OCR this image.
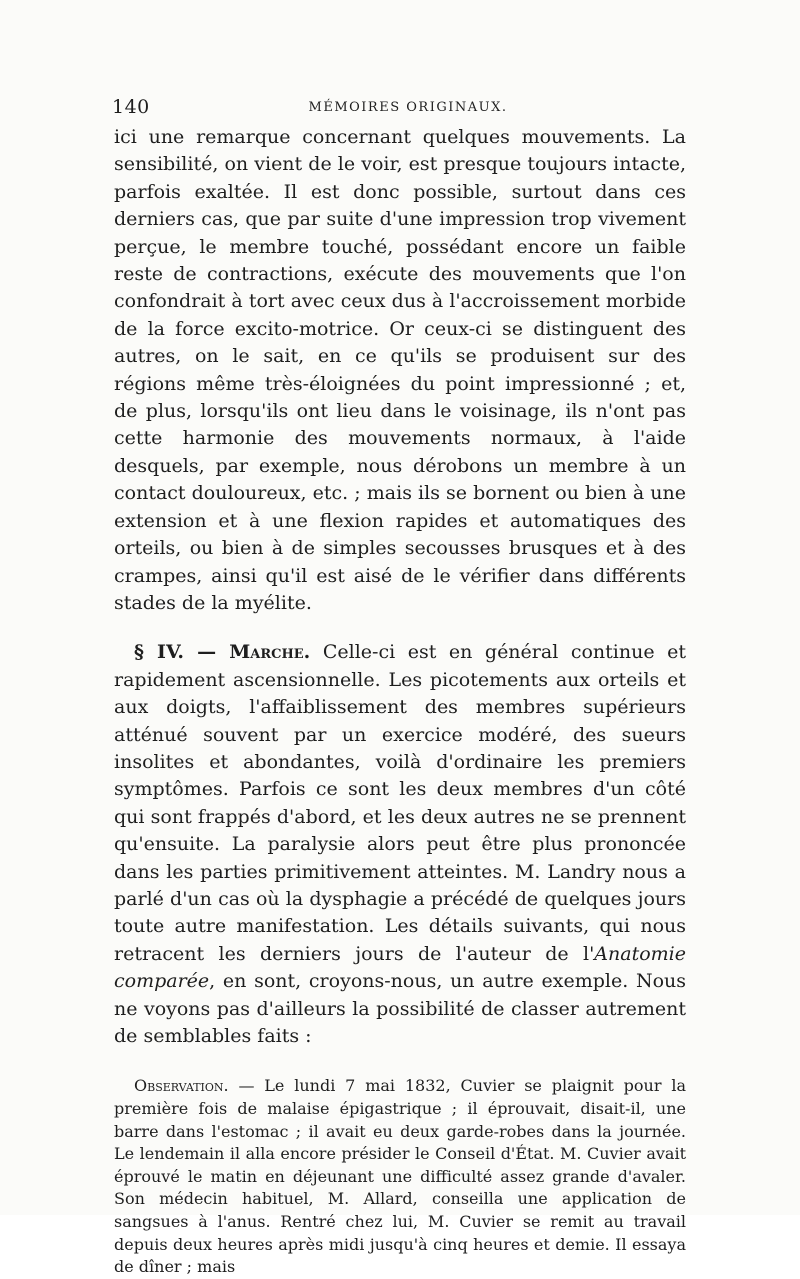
140	MÉMOIRES ORIGINAUX.

ici une remarque concernant quelques mouvements. La sensibilité, on vient de le voir, est presque toujours intacte, parfois exaltée. Il est donc possible, surtout dans ces derniers cas, que par suite d'une impression trop vivement perçue, le membre touché, possédant encore un faible reste de contractions, exécute des mouvements que l'on confondrait à tort avec ceux dus à l'accroissement morbide de la force excito-motrice. Or ceux-ci se distinguent des autres, on le sait, en ce qu'ils se produisent sur des régions même très-éloignées du point impressionné ; et, de plus, lorsqu'ils ont lieu dans le voisinage, ils n'ont pas cette harmonie des mouvements normaux, à l'aide desquels, par exemple, nous dérobons un membre à un contact douloureux, etc. ; mais ils se bornent ou bien à une extension et à une flexion rapides et automatiques des orteils, ou bien à de simples secousses brusques et à des crampes, ainsi qu'il est aisé de le vérifier dans différents stades de la myélite.

§ IV. — Marche. Celle-ci est en général continue et rapidement ascensionnelle. Les picotements aux orteils et aux doigts, l'affaiblissement des membres supérieurs atténué souvent par un exercice modéré, des sueurs insolites et abondantes, voilà d'ordinaire les premiers symptômes. Parfois ce sont les deux membres d'un côté qui sont frappés d'abord, et les deux autres ne se prennent qu'ensuite. La paralysie alors peut être plus prononcée dans les parties primitivement atteintes. M. Landry nous a parlé d'un cas où la dysphagie a précédé de quelques jours toute autre manifestation. Les détails suivants, qui nous retracent les derniers jours de l'auteur de l'Anatomie comparée, en sont, croyons-nous, un autre exemple. Nous ne voyons pas d'ailleurs la possibilité de classer autrement de semblables faits :

Observation. — Le lundi 7 mai 1832, Cuvier se plaignit pour la première fois de malaise épigastrique ; il éprouvait, disait-il, une barre dans l'estomac ; il avait eu deux garde-robes dans la journée. Le lendemain il alla encore présider le Conseil d'État. M. Cuvier avait éprouvé le matin en déjeunant une difficulté assez grande d'avaler. Son médecin habituel, M. Allard, conseilla une application de sangsues à l'anus. Rentré chez lui, M. Cuvier se remit au travail depuis deux heures après midi jusqu'à cinq heures et demie. Il essaya de dîner ; mais
